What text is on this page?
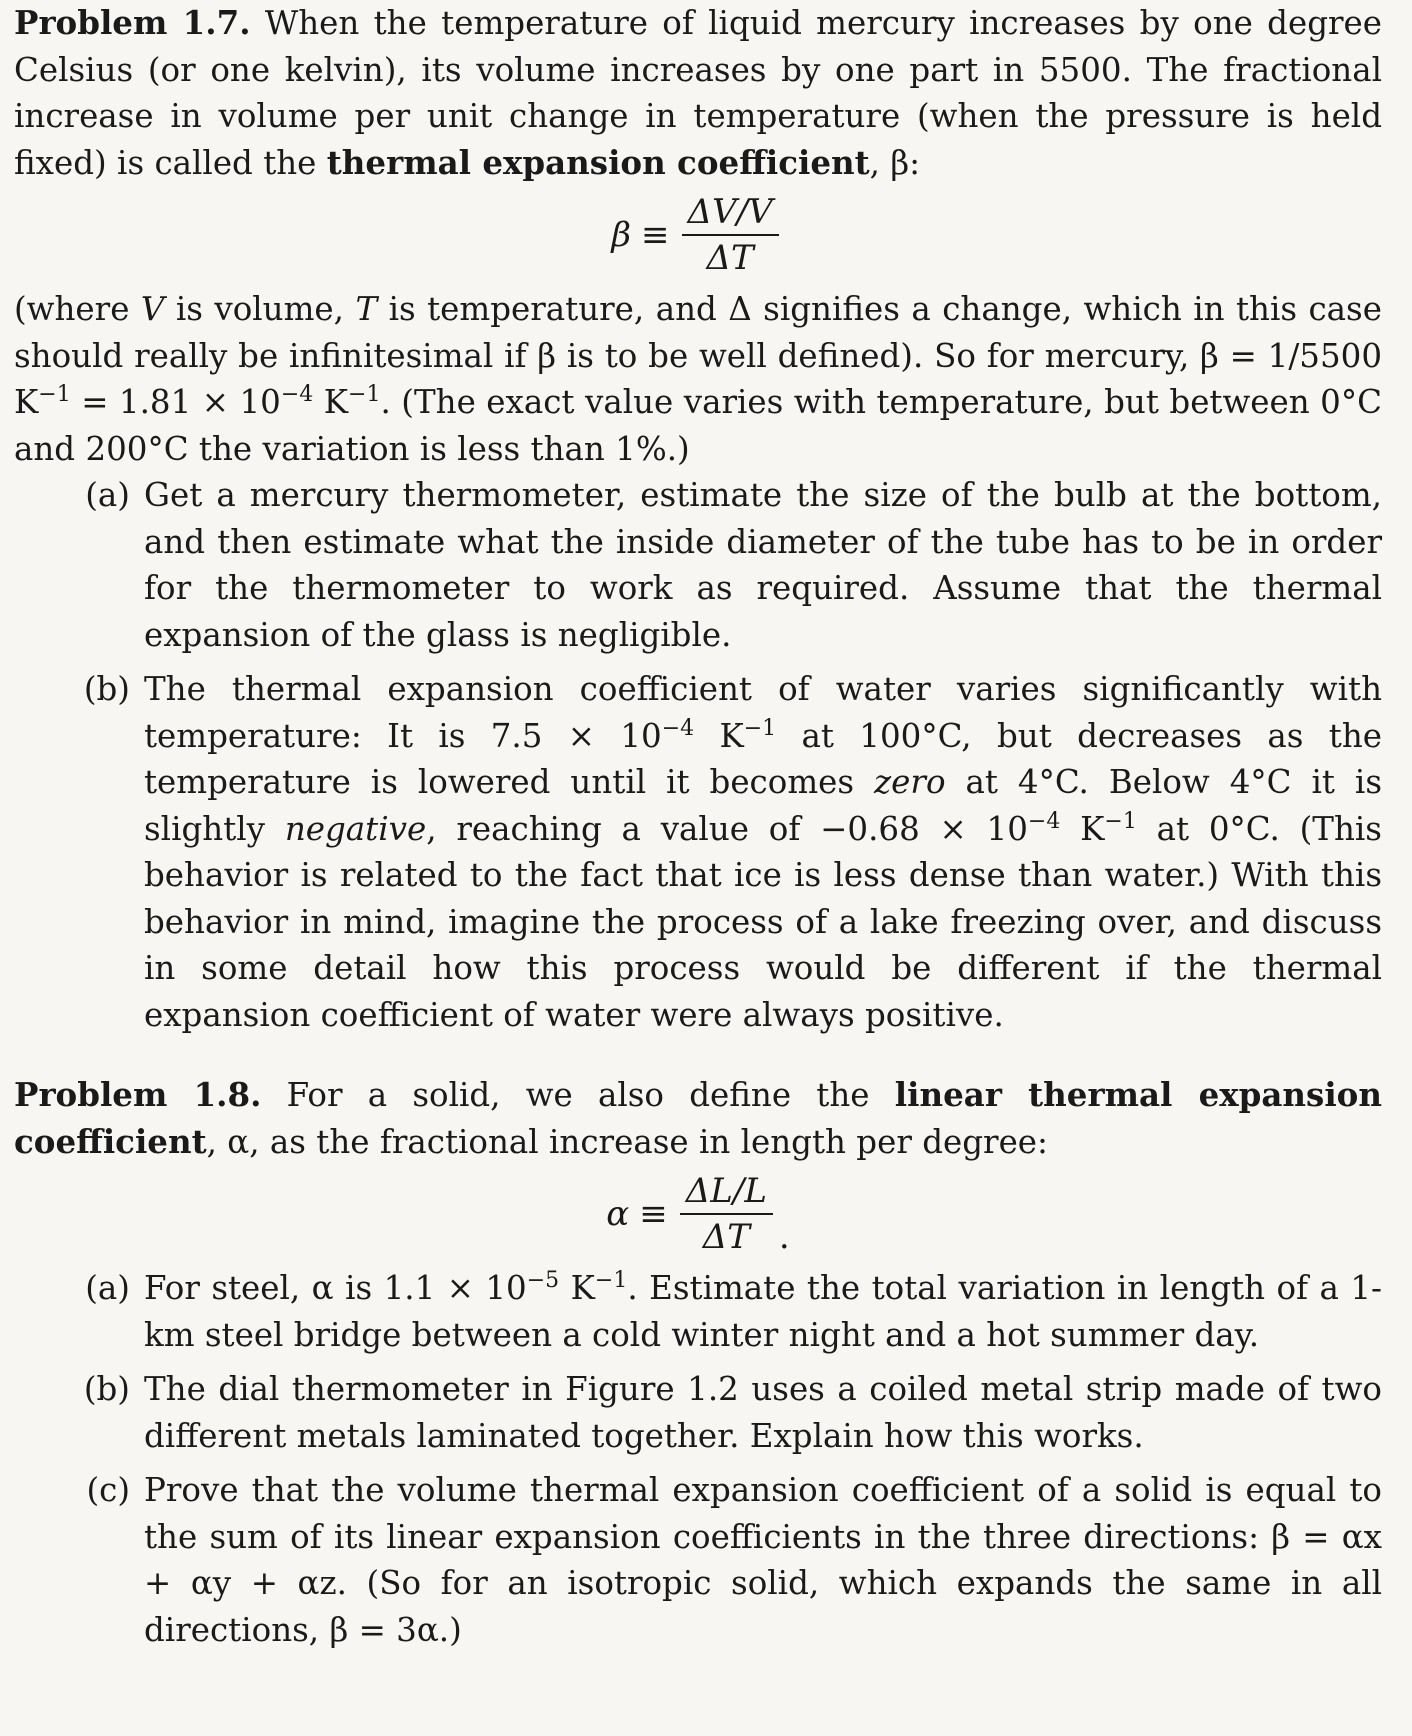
Problem 1.7. When the temperature of liquid mercury increases by one degree Celsius (or one kelvin), its volume increases by one part in 5500. The fractional increase in volume per unit change in temperature (when the pressure is held fixed) is called the thermal expansion coefficient, β:

$\beta \equiv \frac{\Delta V/V}{\Delta T}$

(where V is volume, T is temperature, and Δ signifies a change, which in this case should really be infinitesimal if β is to be well defined). So for mercury, β = 1/5500 $K^{-1} = 1.81 \times 10^{-4}$ $K^{-1}$. (The exact value varies with temperature, but between 0°C and 200°C the variation is less than 1%.)

(a) Get a mercury thermometer, estimate the size of the bulb at the bottom, and then estimate what the inside diameter of the tube has to be in order for the thermometer to work as required. Assume that the thermal expansion of the glass is negligible.
(b) The thermal expansion coefficient of water varies significantly with temperature: It is $7.5 \times 10^{-4}$ $K^{-1}$ at 100°C, but decreases as the temperature is lowered until it becomes zero at 4°C. Below 4°C it is slightly negative, reaching a value of $-0.68 \times 10^{-4}$ $K^{-1}$ at 0°C. (This behavior is related to the fact that ice is less dense than water.) With this behavior in mind, imagine the process of a lake freezing over, and discuss in some detail how this process would be different if the thermal expansion coefficient of water were always positive.

Problem 1.8. For a solid, we also define the linear thermal expansion coefficient, α, as the fractional increase in length per degree:

$\alpha \equiv \frac{\Delta L/L}{\Delta T}$ .
(a) For steel, α is $1.1 \times 10^{-5}$ $K^{-1}$. Estimate the total variation in length of a 1-km steel bridge between a cold winter night and a hot summer day.
(b) The dial thermometer in Figure 1.2 uses a coiled metal strip made of two different metals laminated together. Explain how this works.
(c) Prove that the volume thermal expansion coefficient of a solid is equal to the sum of its linear expansion coefficients in the three directions: β = αx + αy + αz. (So for an isotropic solid, which expands the same in all directions, β = 3α.)
